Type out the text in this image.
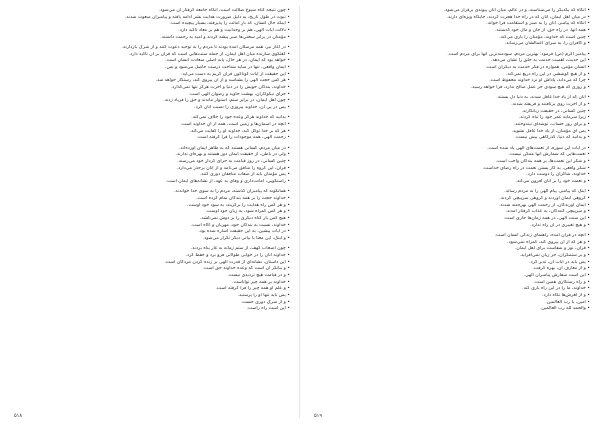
• چون نتیجه گناه شیوعِ ضلالت است، آنگاه جامعه گرفتار آن می‌شود.
• نبوت در طول تاریخ، به دلیل ضرورت هدایت بشر ادامه یافته و پیامبران مبعوث شدند.
• اینکه حال انسان، که بارِ امانت را پذیرفته، بسیار پیچیده است.
• دلالت آیات الهی، هم بر وحدانیت و هم بر معاد تأکید دارد.
• مؤمنان در برابر سختی‌ها صبر پیشه کردند و امید به رحمت داشتند.
• در آغاز نیز، همه مرسلان آمده بودند تا مردم را به توحید دعوت کنند و از شرک بازدارند.
• گفتگوی سازنده میان اهل ایمان، از جمله سنت‌هایی است که قرآن بر آن تأکید دارد.
• خواهد بود که ایمان، در هر حال، پایه اصلی سعادت انسان است.
• ایمان واقعی، تنها در سایه شناخت درست حاصل می‌شود و بس.
• این حقیقت از آیات گوناگون قرآن کریم به دست می‌آید.
• هر کس حجت الهی را بشناسد و از آن پیروی کند، رستگار خواهد شد.
• خداوند، بندگان خویش را در دنیا و آخرت هرگز تنها نمی‌گذارد.
• جزای نیکوکاران، بهشت جاوید و رضوان الهی است.
• چون اهل ایمان، در برابر ستم، استوار ماندند و حق را فریاد زدند.
• پس در پی آن، خداوند پیروزی را نصیب آنان کرد.
• بدانید که خداوند هرگز وعده خود را خلاف نمی‌کند.
• آنچه در آسمان‌ها و زمین است، همه از آنِ خداوند است.
• هر که بر خدا توکل کند، خداوند او را کفایت می‌کند.
• رحمت الهی، همه موجودات را فرا گرفته است.
• در میان مردم، کسانی هستند که به ظاهر ایمان آورده‌اند.
• ولی در باطن، از حقیقت ایمان دور هستند و بهره‌ای ندارند.
• چنین کسانی، در روز قیامت به جزای کردار خود می‌رسند.
• قرآن، این گروه را منافق می‌نامد و از آنان برحذر می‌دارد.
• پس مؤمنان باید از صفات منافقان دوری کنند.
• راستگویی، امانت‌داری و وفای به عهد، از نشانه‌های ایمان است.
• همانگونه که پیامبران گذشته، مردم را به سوی خدا خواندند.
• خداوند حجت را بر همه بندگان تمام کرده است.
• و هر کس راه هدایت را برگزیند، به سود خود اوست.
• و هر کس گمراه شود، به زیان خود اوست.
• هیچ کس بار گناه دیگری را بر دوش نمی‌کشد.
• خداوند، نسبت به بندگان خود، مهربان و آگاه است.
• در آیات پیشین، به این حقیقت اشاره شده بود.
• و اینک، این معنا با بیانی دیگر تکرار می‌شود.
• چون اصحاب کهف، از ستم زمانه به غار پناه بردند.
• خداوند آنان را در خوابی طولانی فرو برد و حفظ کرد.
• این داستان، نشانه‌ای از قدرت الهی بر زنده کردن مردگان است.
• و بیانگر آن است که وعده خداوند حق است.
• و در قیامت هیچ تردیدی نیست.
• خداوند بر همه چیز تواناست.
• و علم او همه چیز را فرا گرفته است.
• پس باید تنها او را پرستید.
• و از شرک دوری جست.
• این است راه راست.
۵۱۸
• آنگاه که یکدیگر را می‌شناسند، و در عالم، میان آنان پیوندی برقرار می‌شود.
• در میان اهل ایمان، آنان که در راه خدا هجرت کردند، جایگاه ویژه‌ای دارند.
• آنگاه که پیامبر، آنان را به صبر و استقامت فرا خواند.
• همه آنها، در راه حق، از جان و مال خود گذشتند.
• چنین است که خداوند، مؤمنان را یاری می‌کند.
• و کافران را، به سزای اعمالشان می‌رساند.
• پیامبر اکرم (ص) فرمود: بهترین مردم، سودمندترین آنها برای مردم است.
• این حدیث، اهمیت خدمت به خلق را نشان می‌دهد.
• انسان مؤمن، همواره در فکر خدمت به دیگران است.
• و از هیچ کوششی در این راه دریغ نمی‌کند.
• چرا که می‌داند، پاداش او نزد خداوند محفوظ است.
• و روزی که هیچ سودی جز عمل صالح ندارد، فرا خواهد رسید.
• آنان که از یاد خدا غافل شدند، به دنیا دل بستند.
• و از آخرت روی برتافتند و فریفته شدند.
• چنین کسانی، در حقیقت زیانکارند.
• زیرا سرمایه عمر خود را تباه کردند.
• و برای روز حساب، توشه‌ای نیندوختند.
• پس ای مؤمنان، از یاد خدا غافل نشوید.
• و بدانید که دنیا، گذرگاهی بیش نیست.
• در آیات این سوره، از نعمت‌های الهی یاد شده است.
• نعمت‌هایی که شمارش آنها ممکن نیست.
• و شکر این نعمت‌ها، بر همه بندگان واجب است.
• شکر واقعی، به کار بستن نعمت در راه رضای خداست.
• خداوند، شاکران را دوست دارد.
• و نعمت خود را بر آنان افزون می‌کند.
• اینک که پیامبر، پیام الهی را به مردم رساند.
• گروهی ایمان آوردند و گروهی سرپیچی کردند.
• ایمان آورندگان، از رحمت الهی بهره‌مند شدند.
• و سرپیچی کنندگان، به عذاب گرفتار آمدند.
• این سنت الهی، در همه زمان‌ها جاری است.
• و هیچ تغییری در آن راه ندارد.
• آنچه در قرآن آمده، راهنمای زندگی انسان است.
• و هر که از آن پیروی کند، گمراه نمی‌شود.
• قرآن، نور و شفاست برای اهل ایمان.
• و بر ستمگران، جز زیان نمی‌افزاید.
• پس باید در آیات آن، تدبر کرد.
• و از معارف آن، بهره گرفت.
• این است سفارش پیامبران الهی.
• و راه رستگاری همین است.
• خداوند، ما را در این راه یاری کند.
• و از لغزش‌ها نگاه دارد.
• آمین، یا رب العالمین.
• والحمد لله رب العالمین.
۵۱۹
